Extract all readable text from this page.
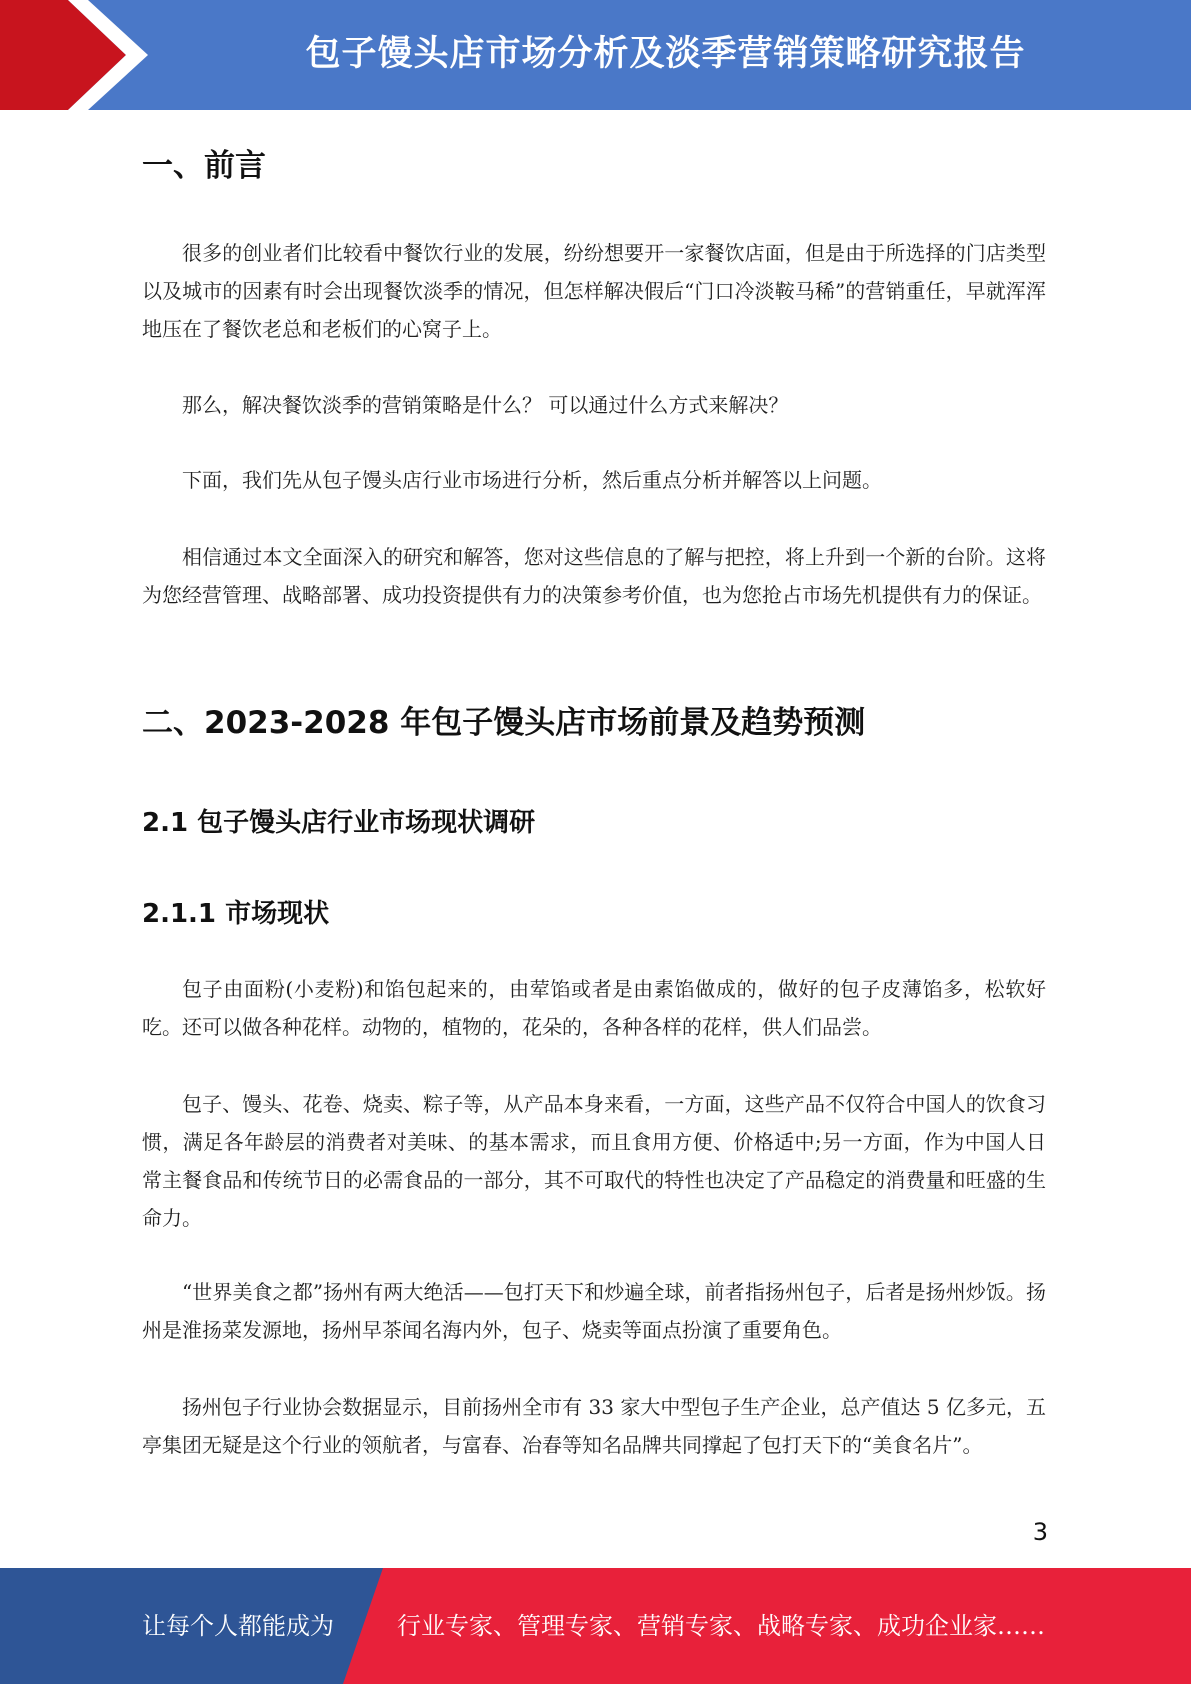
包子馒头店市场分析及淡季营销策略研究报告
一、前言

很多的创业者们比较看中餐饮行业的发展，纷纷想要开一家餐饮店面，但是由于所选择的门店类型以及城市的因素有时会出现餐饮淡季的情况，但怎样解决假后“门口冷淡鞍马稀”的营销重任，早就浑浑地压在了餐饮老总和老板们的心窝子上。

那么，解决餐饮淡季的营销策略是什么？ 可以通过什么方式来解决？

下面，我们先从包子馒头店行业市场进行分析，然后重点分析并解答以上问题。

相信通过本文全面深入的研究和解答，您对这些信息的了解与把控，将上升到一个新的台阶。这将为您经营管理、战略部署、成功投资提供有力的决策参考价值，也为您抢占市场先机提供有力的保证。

二、2023-2028 年包子馒头店市场前景及趋势预测
2.1 包子馒头店行业市场现状调研
2.1.1 市场现状

包子由面粉(小麦粉)和馅包起来的，由荤馅或者是由素馅做成的，做好的包子皮薄馅多，松软好吃。还可以做各种花样。动物的，植物的，花朵的，各种各样的花样，供人们品尝。

包子、馒头、花卷、烧卖、粽子等，从产品本身来看，一方面，这些产品不仅符合中国人的饮食习惯，满足各年龄层的消费者对美味、的基本需求，而且食用方便、价格适中;另一方面，作为中国人日常主餐食品和传统节日的必需食品的一部分，其不可取代的特性也决定了产品稳定的消费量和旺盛的生命力。

“世界美食之都”扬州有两大绝活——包打天下和炒遍全球，前者指扬州包子，后者是扬州炒饭。扬州是淮扬菜发源地，扬州早茶闻名海内外，包子、烧卖等面点扮演了重要角色。

扬州包子行业协会数据显示，目前扬州全市有 33 家大中型包子生产企业，总产值达 5 亿多元，五亭集团无疑是这个行业的领航者，与富春、冶春等知名品牌共同撑起了包打天下的“美食名片”。

3
让每个人都能成为	行业专家、管理专家、营销专家、战略专家、成功企业家……
